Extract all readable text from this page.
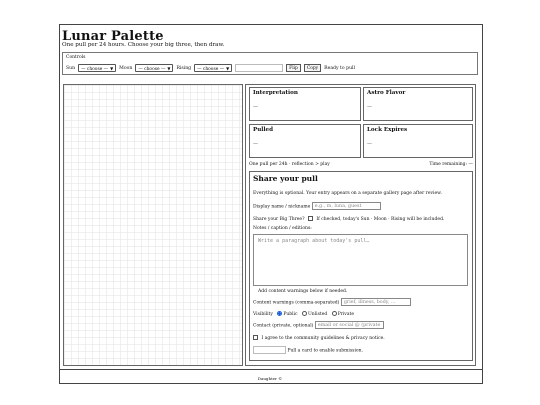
Lunar Palette
One pull per 24 hours. Choose your big three, then draw.
Controls
Sun	— choose — ▼	Moon	— choose — ▼	Rising	— choose — ▼	Flip	Copy	Ready to pull
Interpretation
—
Astro Flavor
—
Pulled
—
Lock Expires
—
One pull per 24h · reflection > play	Time remaining: —
Share your pull
Everything is optional. Your entry appears on a separate gallery page after review.
Display name / nickname e.g., m, luna, guest
Share your Big Three?	If checked, today's Sun · Moon · Rising will be included.
Notes / caption / editions:
Write a paragraph about today's pull…
Add content warnings below if needed.
Content warnings (comma-separated) grief, illness, body, …
Visibility Public Unlisted Private
Contact (private, optional) email or social @ (private
I agree to the community guidelines & privacy notice.
Pull a card to enable submission.
Daughter ©
